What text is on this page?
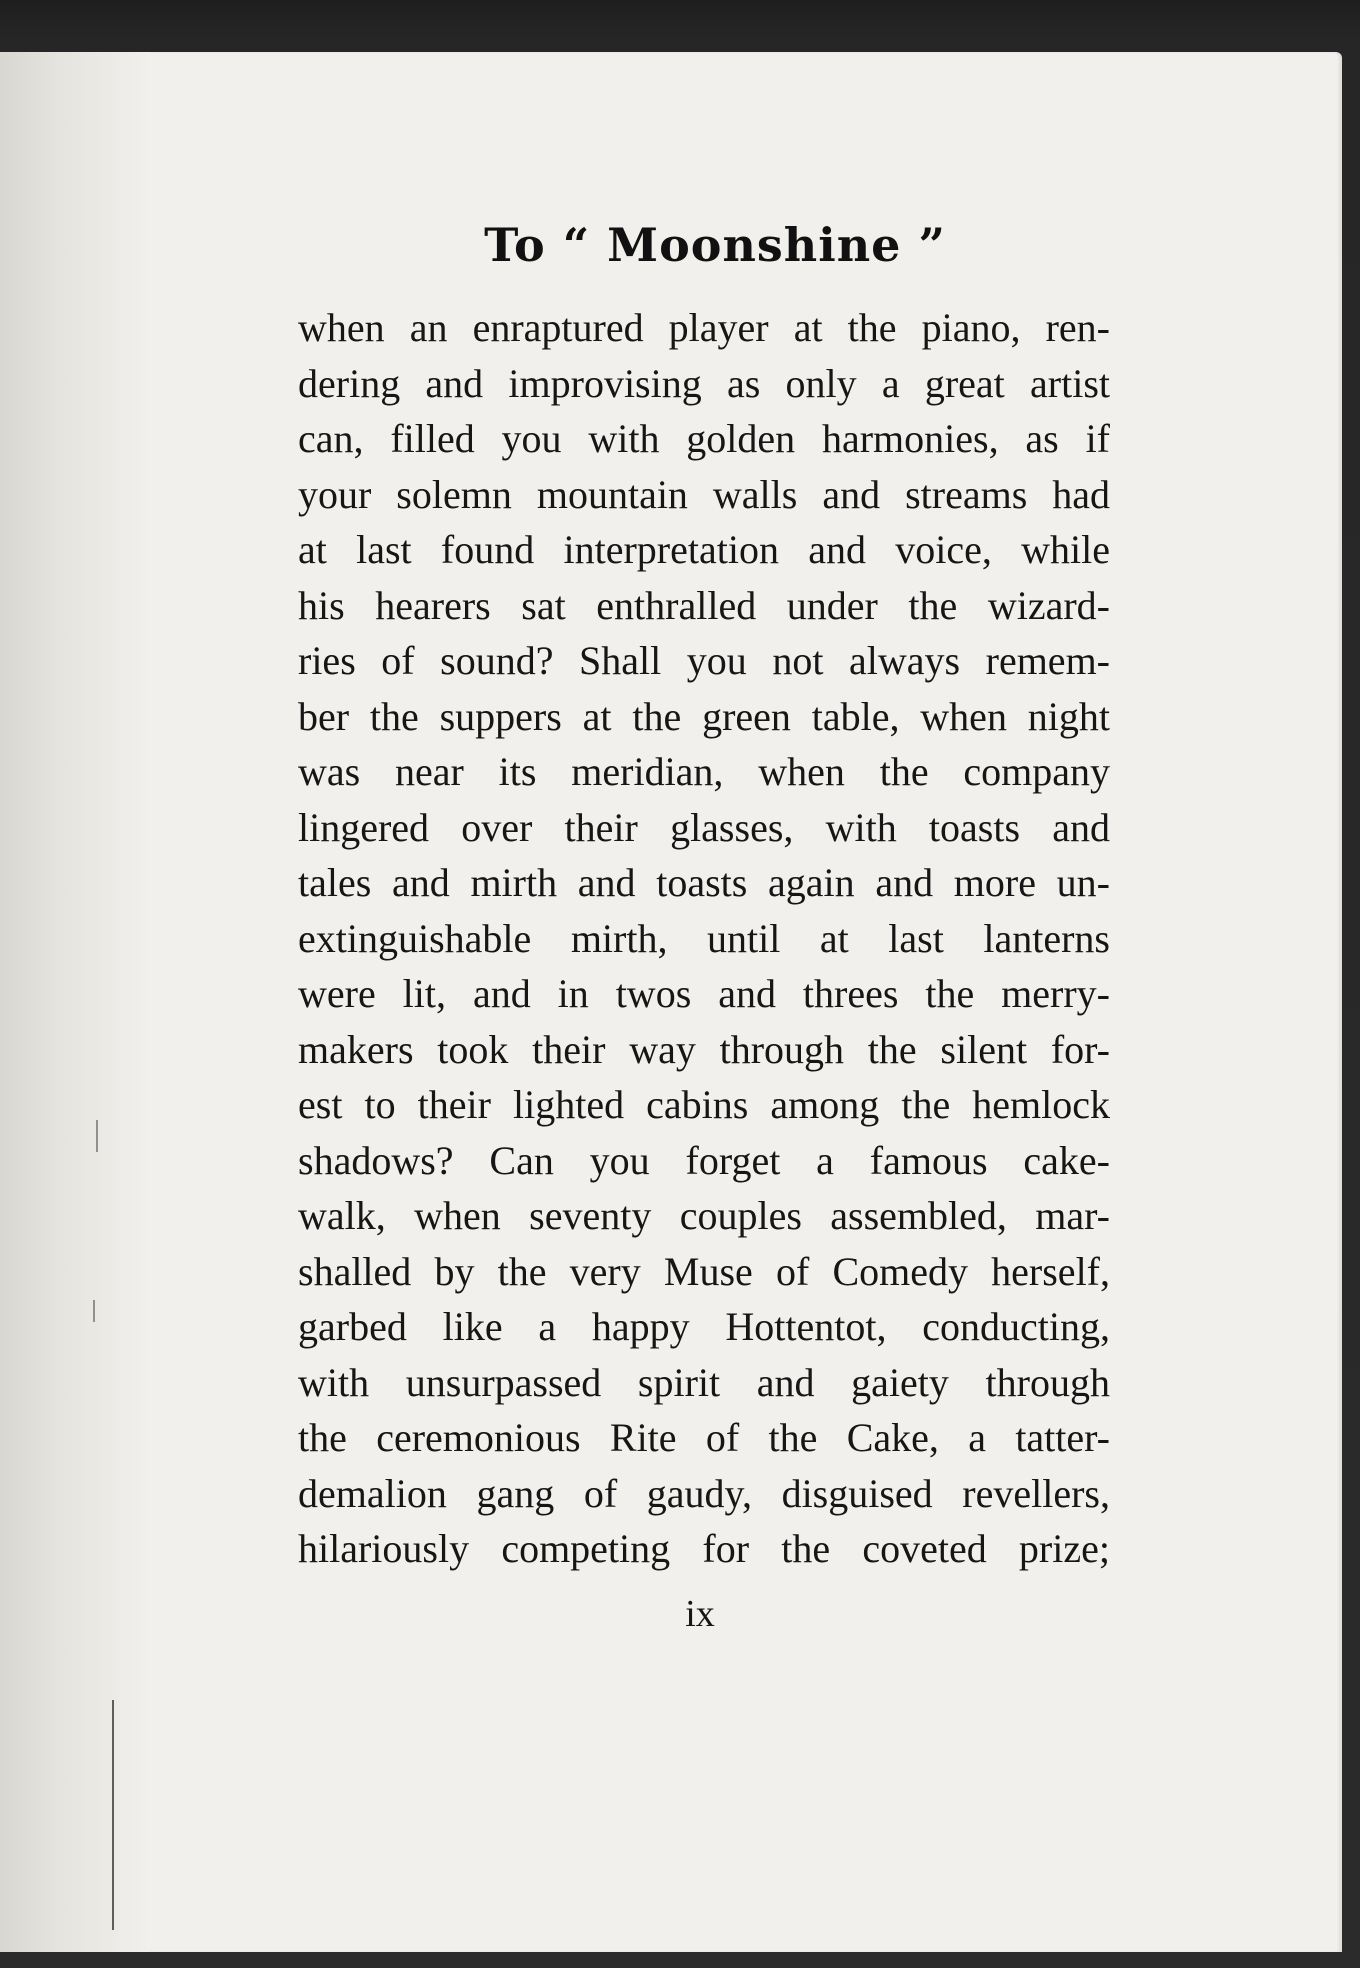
To “ Moonshine ”
when an enraptured player at the piano, ren-
dering and improvising as only a great artist
can, filled you with golden harmonies, as if
your solemn mountain walls and streams had
at last found interpretation and voice, while
his hearers sat enthralled under the wizard-
ries of sound? Shall you not always remem-
ber the suppers at the green table, when night
was near its meridian, when the company
lingered over their glasses, with toasts and
tales and mirth and toasts again and more un-
extinguishable mirth, until at last lanterns
were lit, and in twos and threes the merry-
makers took their way through the silent for-
est to their lighted cabins among the hemlock
shadows? Can you forget a famous cake-
walk, when seventy couples assembled, mar-
shalled by the very Muse of Comedy herself,
garbed like a happy Hottentot, conducting,
with unsurpassed spirit and gaiety through
the ceremonious Rite of the Cake, a tatter-
demalion gang of gaudy, disguised revellers,
hilariously competing for the coveted prize;
ix
